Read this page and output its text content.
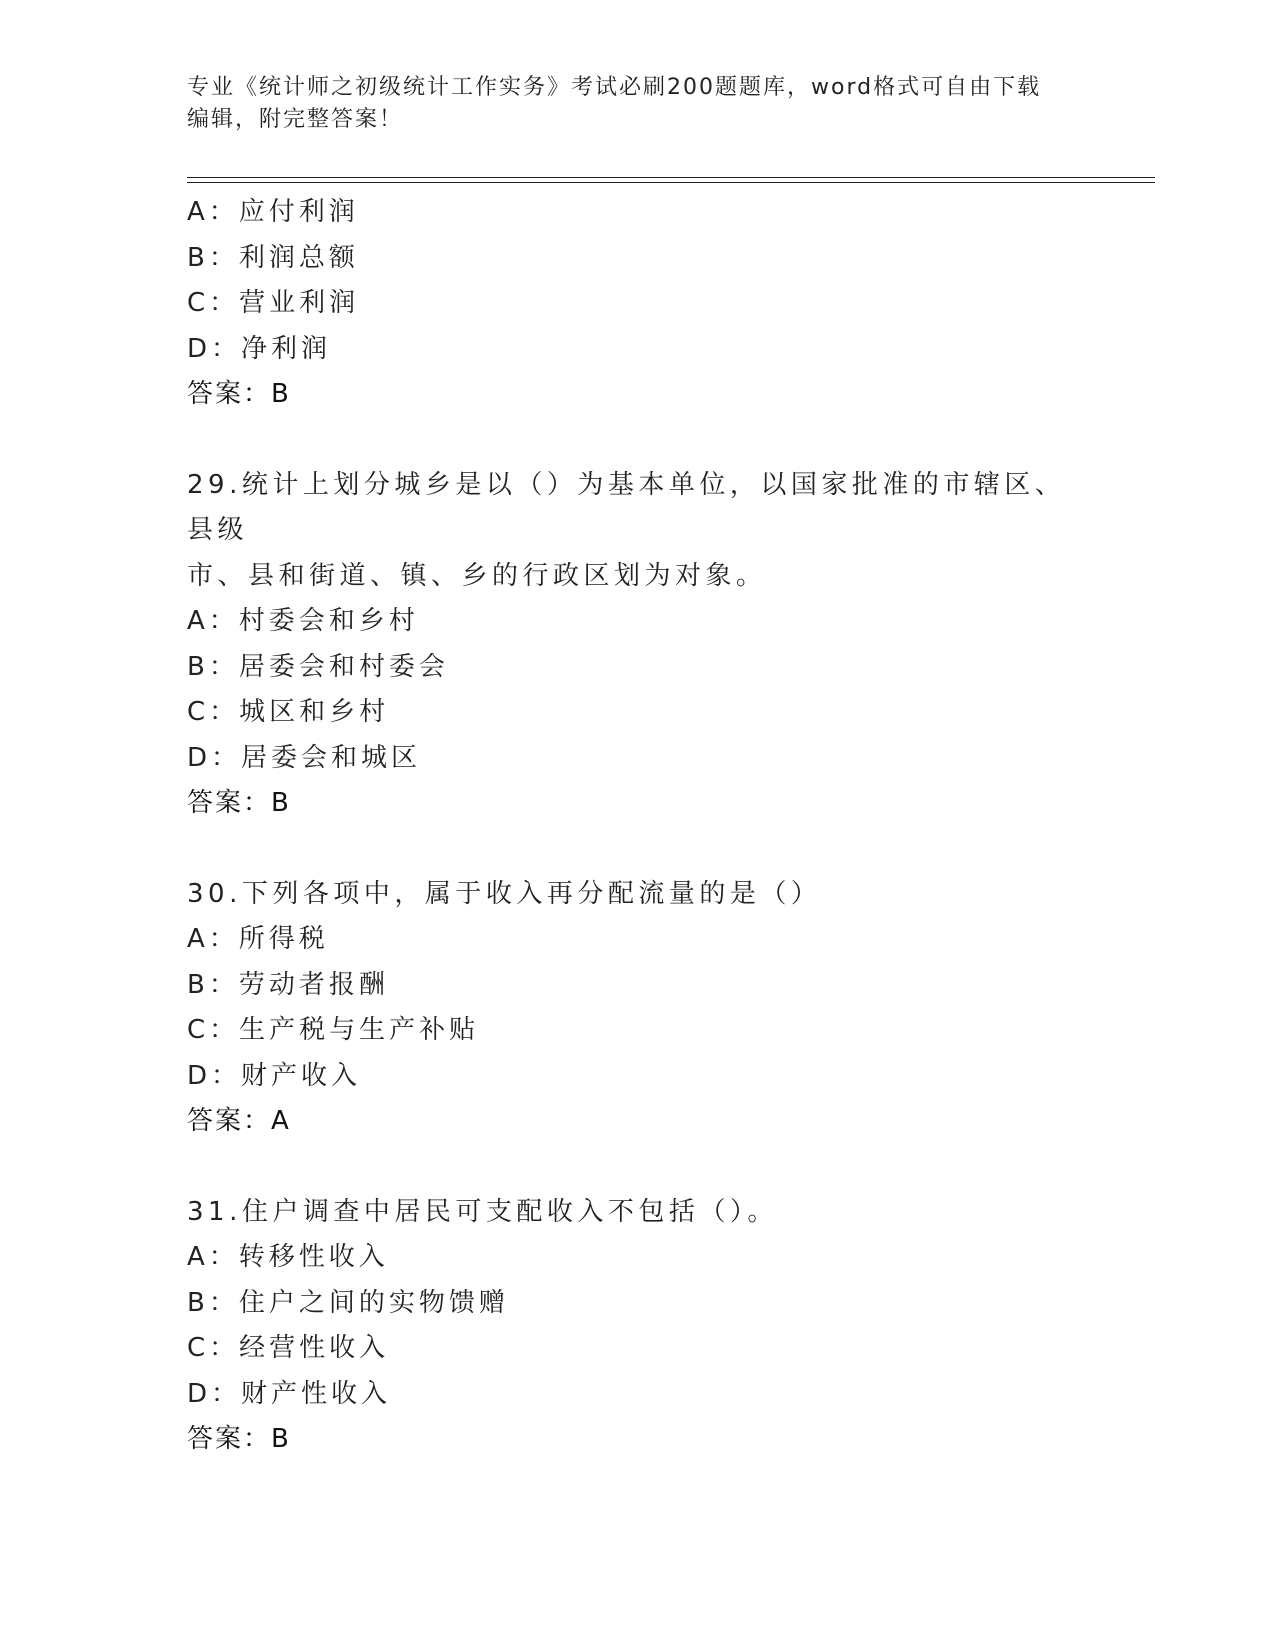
专业《统计师之初级统计工作实务》考试必刷200题题库，word格式可自由下载
编辑，附完整答案！
A：应付利润
B：利润总额
C：营业利润
D：净利润
答案：B
29.统计上划分城乡是以（）为基本单位，以国家批准的市辖区、县级
市、县和街道、镇、乡的行政区划为对象。
A：村委会和乡村
B：居委会和村委会
C：城区和乡村
D：居委会和城区
答案：B
30.下列各项中，属于收入再分配流量的是（）
A：所得税
B：劳动者报酬
C：生产税与生产补贴
D：财产收入
答案：A
31.住户调查中居民可支配收入不包括（）。
A：转移性收入
B：住户之间的实物馈赠
C：经营性收入
D：财产性收入
答案：B
